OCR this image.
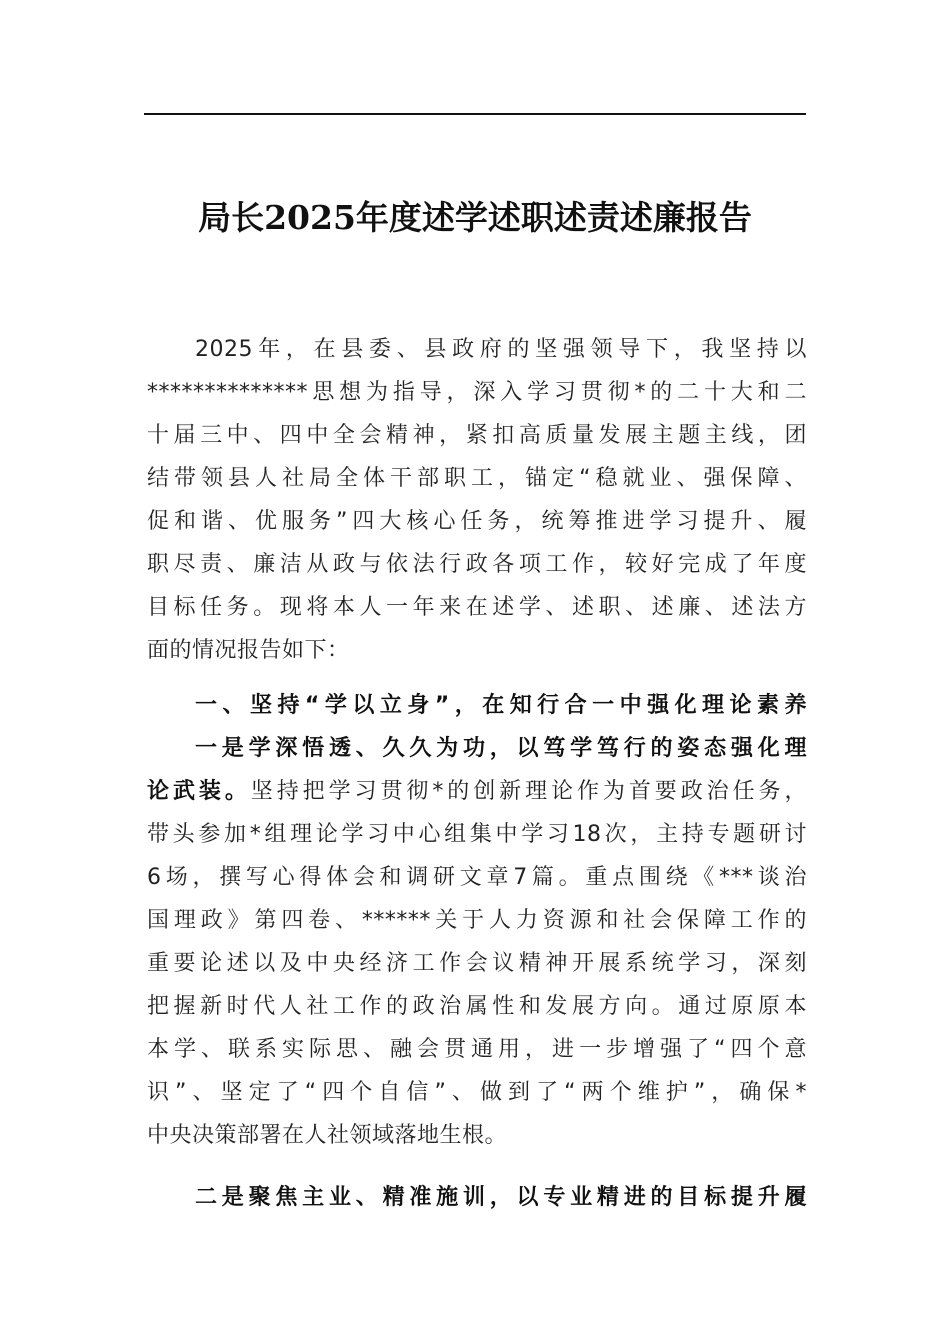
局长2025年度述学述职述责述廉报告
2025年，在县委、县政府的坚强领导下，我坚持以
**************思想为指导，深入学习贯彻*的二十大和二
十届三中、四中全会精神，紧扣高质量发展主题主线，团
结带领县人社局全体干部职工，锚定“稳就业、强保障、
促和谐、优服务”四大核心任务，统筹推进学习提升、履
职尽责、廉洁从政与依法行政各项工作，较好完成了年度
目标任务。现将本人一年来在述学、述职、述廉、述法方
面的情况报告如下：
一、坚持“学以立身”，在知行合一中强化理论素养
一是学深悟透、久久为功，以笃学笃行的姿态强化理
论武装。坚持把学习贯彻*的创新理论作为首要政治任务，
带头参加*组理论学习中心组集中学习18次，主持专题研讨
6场，撰写心得体会和调研文章7篇。重点围绕《***谈治
国理政》第四卷、******关于人力资源和社会保障工作的
重要论述以及中央经济工作会议精神开展系统学习，深刻
把握新时代人社工作的政治属性和发展方向。通过原原本
本学、联系实际思、融会贯通用，进一步增强了“四个意
识”、坚定了“四个自信”、做到了“两个维护”，确保*
中央决策部署在人社领域落地生根。
二是聚焦主业、精准施训，以专业精进的目标提升履
